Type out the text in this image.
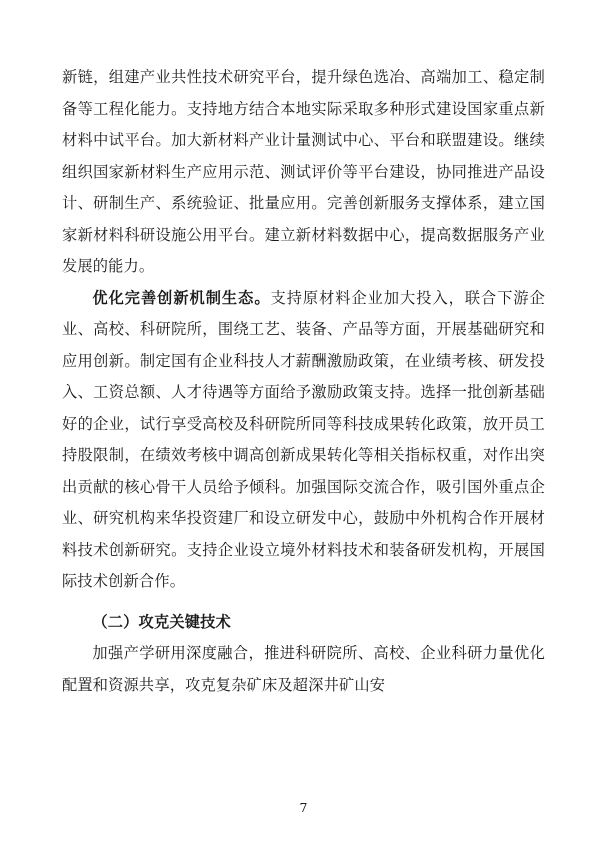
新链，组建产业共性技术研究平台，提升绿色选冶、高端加工、稳定制备等工程化能力。支持地方结合本地实际采取多种形式建设国家重点新材料中试平台。加大新材料产业计量测试中心、平台和联盟建设。继续组织国家新材料生产应用示范、测试评价等平台建设，协同推进产品设计、研制生产、系统验证、批量应用。完善创新服务支撑体系，建立国家新材料科研设施公用平台。建立新材料数据中心，提高数据服务产业发展的能力。

优化完善创新机制生态。支持原材料企业加大投入，联合下游企业、高校、科研院所，围绕工艺、装备、产品等方面，开展基础研究和应用创新。制定国有企业科技人才薪酬激励政策，在业绩考核、研发投入、工资总额、人才待遇等方面给予激励政策支持。选择一批创新基础好的企业，试行享受高校及科研院所同等科技成果转化政策，放开员工持股限制，在绩效考核中调高创新成果转化等相关指标权重，对作出突出贡献的核心骨干人员给予倾科。加强国际交流合作，吸引国外重点企业、研究机构来华投资建厂和设立研发中心，鼓励中外机构合作开展材料技术创新研究。支持企业设立境外材料技术和装备研发机构，开展国际技术创新合作。

（二）攻克关键技术

加强产学研用深度融合，推进科研院所、高校、企业科研力量优化配置和资源共享，攻克复杂矿床及超深井矿山安

7
